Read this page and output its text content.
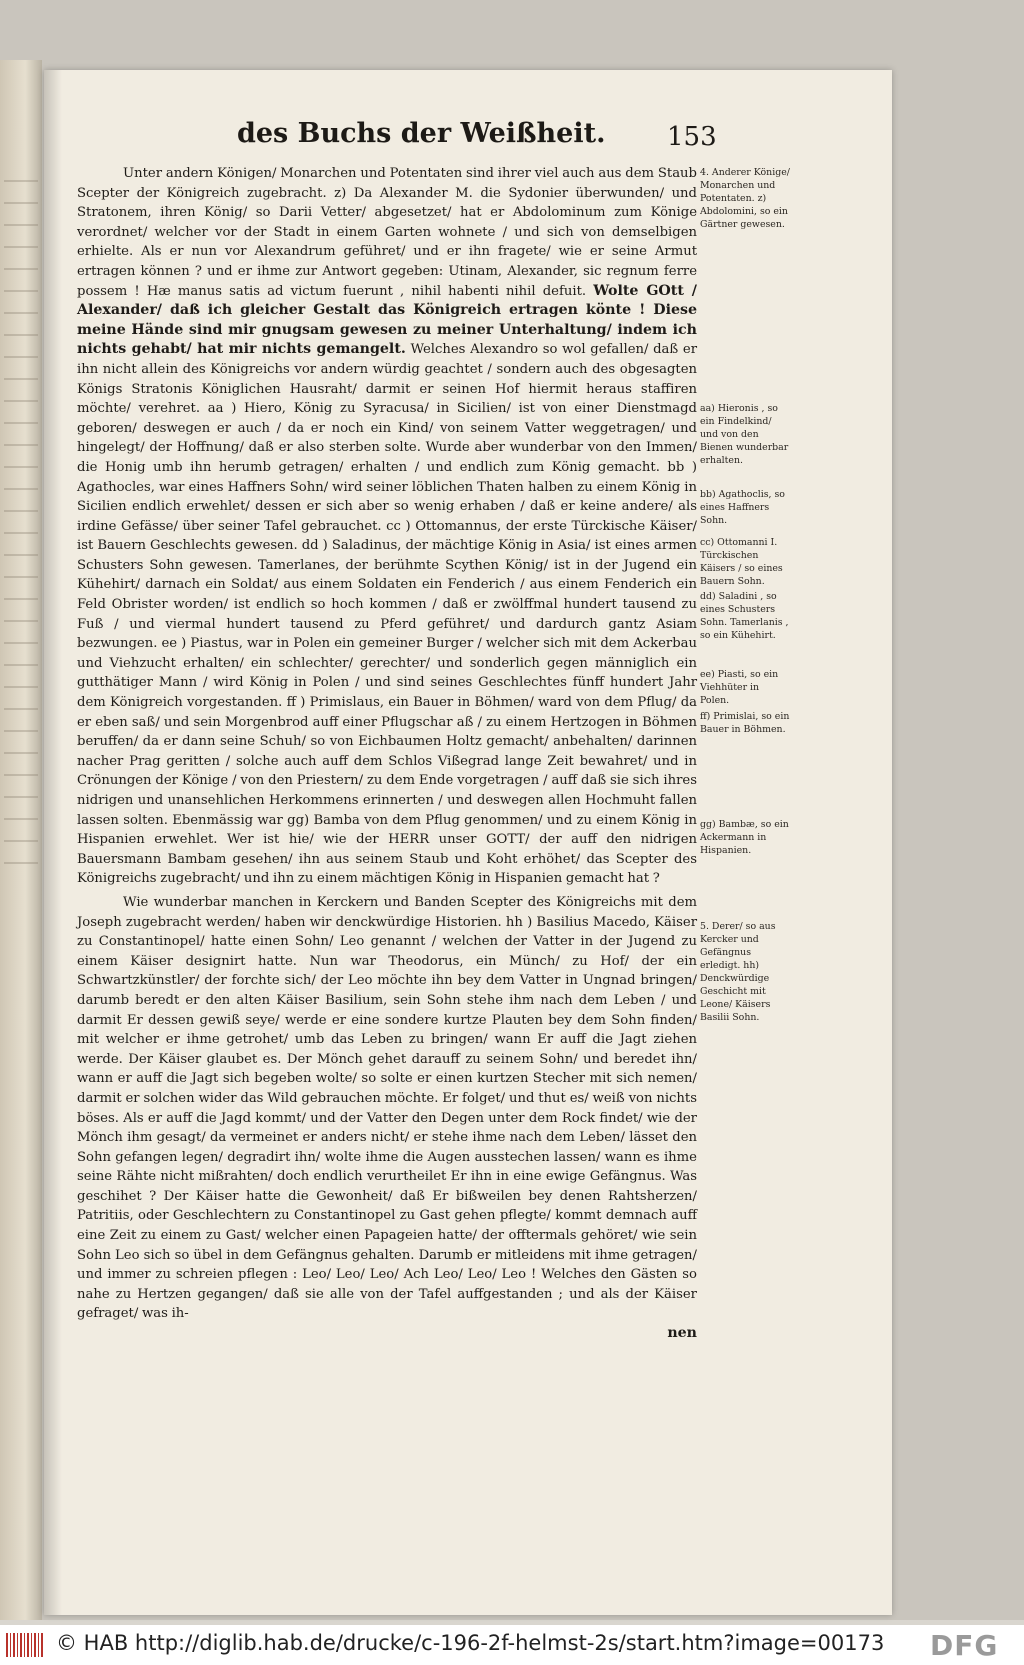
des Buchs der Weißheit.	153

Unter andern Königen/ Monarchen und Potentaten sind ihrer viel auch aus dem Staub Scepter der Königreich zugebracht. z) Da Alexander M. die Sydonier überwunden/ und Stratonem, ihren König/ so Darii Vetter/ abgesetzet/ hat er Abdolominum zum Könige verordnet/ welcher vor der Stadt in einem Garten wohnete / und sich von demselbigen erhielte. Als er nun vor Alexandrum geführet/ und er ihn fragete/ wie er seine Armut ertragen können ? und er ihme zur Antwort gegeben: Utinam, Alexander, sic regnum ferre possem ! Hæ manus satis ad victum fuerunt , nihil habenti nihil defuit. Wolte GOtt / Alexander/ daß ich gleicher Gestalt das Königreich ertragen könte ! Diese meine Hände sind mir gnugsam gewesen zu meiner Unterhaltung/ indem ich nichts gehabt/ hat mir nichts gemangelt. Welches Alexandro so wol gefallen/ daß er ihn nicht allein des Königreichs vor andern würdig geachtet / sondern auch des obgesagten Königs Stratonis Königlichen Hausraht/ darmit er seinen Hof hiermit heraus staffiren möchte/ verehret. aa ) Hiero, König zu Syracusa/ in Sicilien/ ist von einer Dienstmagd geboren/ deswegen er auch / da er noch ein Kind/ von seinem Vatter weggetragen/ und hingelegt/ der Hoffnung/ daß er also sterben solte. Wurde aber wunderbar von den Immen/ die Honig umb ihn herumb getragen/ erhalten / und endlich zum König gemacht. bb ) Agathocles, war eines Haffners Sohn/ wird seiner löblichen Thaten halben zu einem König in Sicilien endlich erwehlet/ dessen er sich aber so wenig erhaben / daß er keine andere/ als irdine Gefässe/ über seiner Tafel gebrauchet. cc ) Ottomannus, der erste Türckische Käiser/ ist Bauern Geschlechts gewesen. dd ) Saladinus, der mächtige König in Asia/ ist eines armen Schusters Sohn gewesen. Tamerlanes, der berühmte Scythen König/ ist in der Jugend ein Kühehirt/ darnach ein Soldat/ aus einem Soldaten ein Fenderich / aus einem Fenderich ein Feld Obrister worden/ ist endlich so hoch kommen / daß er zwölffmal hundert tausend zu Fuß / und viermal hundert tausend zu Pferd geführet/ und dardurch gantz Asiam bezwungen. ee ) Piastus, war in Polen ein gemeiner Burger / welcher sich mit dem Ackerbau und Viehzucht erhalten/ ein schlechter/ gerechter/ und sonderlich gegen männiglich ein gutthätiger Mann / wird König in Polen / und sind seines Geschlechtes fünff hundert Jahr dem Königreich vorgestanden. ff ) Primislaus, ein Bauer in Böhmen/ ward von dem Pflug/ da er eben saß/ und sein Morgenbrod auff einer Pflugschar aß / zu einem Hertzogen in Böhmen beruffen/ da er dann seine Schuh/ so von Eichbaumen Holtz gemacht/ anbehalten/ darinnen nacher Prag geritten / solche auch auff dem Schlos Vißegrad lange Zeit bewahret/ und in Crönungen der Könige / von den Priestern/ zu dem Ende vorgetragen / auff daß sie sich ihres nidrigen und unansehlichen Herkommens erinnerten / und deswegen allen Hochmuht fallen lassen solten. Ebenmässig war gg) Bamba von dem Pflug genommen/ und zu einem König in Hispanien erwehlet. Wer ist hie/ wie der HERR unser GOTT/ der auff den nidrigen Bauersmann Bambam gesehen/ ihn aus seinem Staub und Koht erhöhet/ das Scepter des Königreichs zugebracht/ und ihn zu einem mächtigen König in Hispanien gemacht hat ?

Wie wunderbar manchen in Kerckern und Banden Scepter des Königreichs mit dem Joseph zugebracht werden/ haben wir denckwürdige Historien. hh ) Basilius Macedo, Käiser zu Constantinopel/ hatte einen Sohn/ Leo genannt / welchen der Vatter in der Jugend zu einem Käiser designirt hatte. Nun war Theodorus, ein Münch/ zu Hof/ der ein Schwartzkünstler/ der forchte sich/ der Leo möchte ihn bey dem Vatter in Ungnad bringen/ darumb beredt er den alten Käiser Basilium, sein Sohn stehe ihm nach dem Leben / und darmit Er dessen gewiß seye/ werde er eine sondere kurtze Plauten bey dem Sohn finden/ mit welcher er ihme getrohet/ umb das Leben zu bringen/ wann Er auff die Jagt ziehen werde. Der Käiser glaubet es. Der Mönch gehet darauff zu seinem Sohn/ und beredet ihn/ wann er auff die Jagt sich begeben wolte/ so solte er einen kurtzen Stecher mit sich nemen/ darmit er solchen wider das Wild gebrauchen möchte. Er folget/ und thut es/ weiß von nichts böses. Als er auff die Jagd kommt/ und der Vatter den Degen unter dem Rock findet/ wie der Mönch ihm gesagt/ da vermeinet er anders nicht/ er stehe ihme nach dem Leben/ lässet den Sohn gefangen legen/ degradirt ihn/ wolte ihme die Augen ausstechen lassen/ wann es ihme seine Rähte nicht mißrahten/ doch endlich verurtheilet Er ihn in eine ewige Gefängnus. Was geschihet ? Der Käiser hatte die Gewonheit/ daß Er bißweilen bey denen Rahtsherzen/ Patritiis, oder Geschlechtern zu Constantinopel zu Gast gehen pflegte/ kommt demnach auff eine Zeit zu einem zu Gast/ welcher einen Papageien hatte/ der offtermals gehöret/ wie sein Sohn Leo sich so übel in dem Gefängnus gehalten. Darumb er mitleidens mit ihme getragen/ und immer zu schreien pflegen : Leo/ Leo/ Leo/ Ach Leo/ Leo/ Leo ! Welches den Gästen so nahe zu Hertzen gegangen/ daß sie alle von der Tafel auffgestanden ; und als der Käiser gefraget/ was ih-

nen

4. Anderer Könige/ Monarchen und Potentaten. z) Abdolomini, so ein Gärtner gewesen.
aa) Hieronis , so ein Findelkind/ und von den Bienen wunderbar erhalten.
bb) Agathoclis, so eines Haffners Sohn.
cc) Ottomanni I. Türckischen Käisers / so eines Bauern Sohn.
dd) Saladini , so eines Schusters Sohn. Tamerlanis , so ein Kühehirt.
ee) Piasti, so ein Viehhüter in Polen.
ff) Primislai, so ein Bauer in Böhmen.
gg) Bambæ, so ein Ackermann in Hispanien.
5. Derer/ so aus Kercker und Gefängnus erledigt. hh) Denckwürdige Geschicht mit Leone/ Käisers Basilii Sohn.
© HAB http://diglib.hab.de/drucke/c-196-2f-helmst-2s/start.htm?image=00173 DFG
